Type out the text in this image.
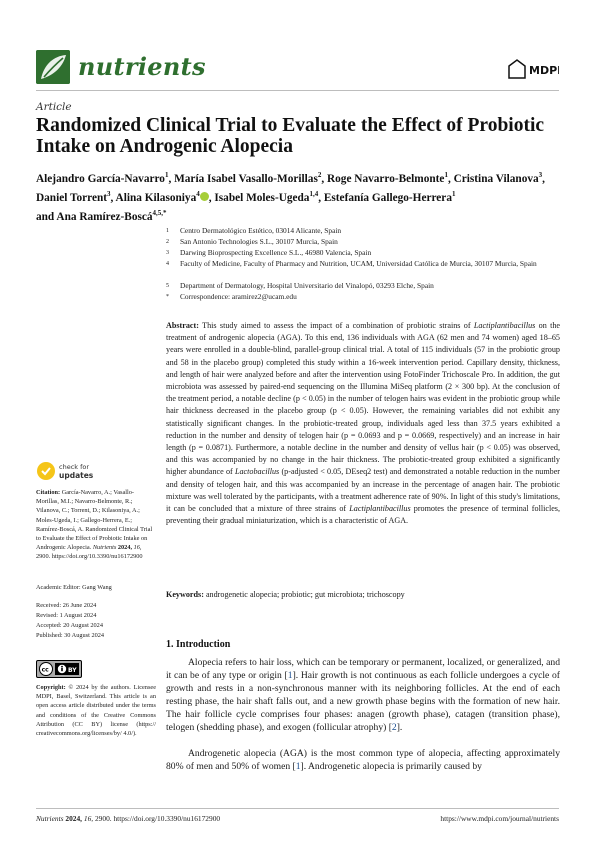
nutrients	MDPI
Article
Randomized Clinical Trial to Evaluate the Effect of Probiotic Intake on Androgenic Alopecia
Alejandro García-Navarro$^1$, María Isabel Vasallo-Morillas$^2$, Roge Navarro-Belmonte$^1$, Cristina Vilanova$^3$, Daniel Torrent$^3$, Alina Kilasoniya$^4$ , Isabel Moles-Ugeda$^{1,4}$, Estefanía Gallego-Herrera$^1$
and Ana Ramírez-Boscá$^{4,5,*}$
1 Centro Dermatológico Estético, 03014 Alicante, Spain
2 San Antonio Technologies S.L., 30107 Murcia, Spain
3 Darwing Bioprospecting Excellence S.L., 46980 Valencia, Spain
4 Faculty of Medicine, Faculty of Pharmacy and Nutrition, UCAM, Universidad Católica de Murcia, 30107 Murcia, Spain
5 Department of Dermatology, Hospital Universitario del Vinalopó, 03293 Elche, Spain
* Correspondence: aramirez2@ucam.edu
Abstract: This study aimed to assess the impact of a combination of probiotic strains of Lactiplantibacillus on the treatment of androgenic alopecia (AGA). To this end, 136 individuals with AGA (62 men and 74 women) aged 18–65 years were enrolled in a double-blind, parallel-group clinical trial. A total of 115 individuals (57 in the probiotic group and 58 in the placebo group) completed this study within a 16-week intervention period. Capillary density, thickness, and length of hair were analyzed before and after the intervention using FotoFinder Trichoscale Pro. In addition, the gut microbiota was assessed by paired-end sequencing on the Illumina MiSeq platform (2 × 300 bp). At the conclusion of the treatment period, a notable decline (p < 0.05) in the number of telogen hairs was evident in the probiotic group while hair thickness decreased in the placebo group (p < 0.05). However, the remaining variables did not exhibit any statistically significant changes. In the probiotic-treated group, individuals aged less than 37.5 years exhibited a reduction in the number and density of telogen hair (p = 0.0693 and p = 0.0669, respectively) and an increase in hair length (p = 0.0871). Furthermore, a notable decline in the number and density of vellus hair (p < 0.05) was observed, and this was accompanied by no change in the hair thickness. The probiotic-treated group exhibited a significantly higher abundance of Lactobacillus (p-adjusted < 0.05, DEseq2 test) and demonstrated a notable reduction in the number and density of telogen hair, and this was accompanied by an increase in the percentage of anagen hair. The probiotic mixture was well tolerated by the participants, with a treatment adherence rate of 90%. In light of this study's limitations, it can be concluded that a mixture of three strains of Lactiplantibacillus promotes the presence of terminal follicles, preventing their gradual miniaturization, which is a characteristic of AGA.
Keywords: androgenetic alopecia; probiotic; gut microbiota; trichoscopy
check for
updates
Citation: García-Navarro, A.; Vasallo-Morillas, M.I.; Navarro-Belmonte, R.; Vilanova, C.; Torrent, D.; Kilasoniya, A.; Moles-Ugeda, I.; Gallego-Herrera, E.; Ramírez-Boscá, A. Randomized Clinical Trial to Evaluate the Effect of Probiotic Intake on Androgenic Alopecia. Nutrients 2024, 16, 2900. https://doi.org/10.3390/nu16172900
Academic Editor: Gang Wang
Received: 26 June 2024
Revised: 1 August 2024
Accepted: 20 August 2024
Published: 30 August 2024
cc	BY
Copyright: © 2024 by the authors. Licensee MDPI, Basel, Switzerland. This article is an open access article distributed under the terms and conditions of the Creative Commons Attribution (CC BY) license (https:// creativecommons.org/licenses/by/ 4.0/).
1. Introduction
Alopecia refers to hair loss, which can be temporary or permanent, localized, or generalized, and it can be of any type or origin [1]. Hair growth is not continuous as each follicle undergoes a cycle of growth and rests in a non-synchronous manner with its neighboring follicles. At the end of each resting phase, the hair shaft falls out, and a new growth phase begins with the formation of new hair. The hair follicle cycle comprises four phases: anagen (growth phase), catagen (transition phase), telogen (shedding phase), and exogen (follicular atrophy) [2].
Androgenetic alopecia (AGA) is the most common type of alopecia, affecting approximately 80% of men and 50% of women [1]. Androgenetic alopecia is primarily caused by
Nutrients 2024, 16, 2900. https://doi.org/10.3390/nu16172900	https://www.mdpi.com/journal/nutrients
